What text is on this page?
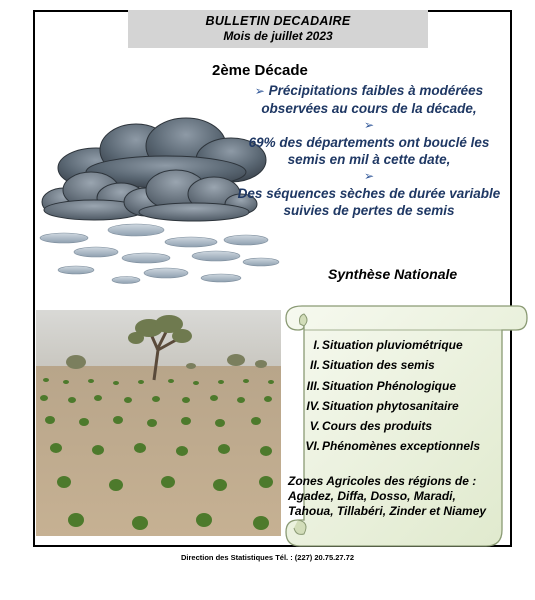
BULLETIN DECADAIRE
Mois de juillet 2023
2ème Décade
➢ Précipitations faibles à modérées observées au cours de la décade,
➢
69% des départements ont bouclé les semis en mil à cette date,
➢
Des séquences sèches de durée variable suivies de pertes de semis
Synthèse Nationale
I. Situation pluviométrique
II. Situation des semis
III. Situation Phénologique
IV. Situation phytosanitaire
V. Cours des produits
VI. Phénomènes exceptionnels
Zones Agricoles des régions de :
Agadez, Diffa, Dosso, Maradi,
Tahoua, Tillabéri, Zinder et Niamey
Direction des Statistiques Tél. : (227) 20.75.27.72
